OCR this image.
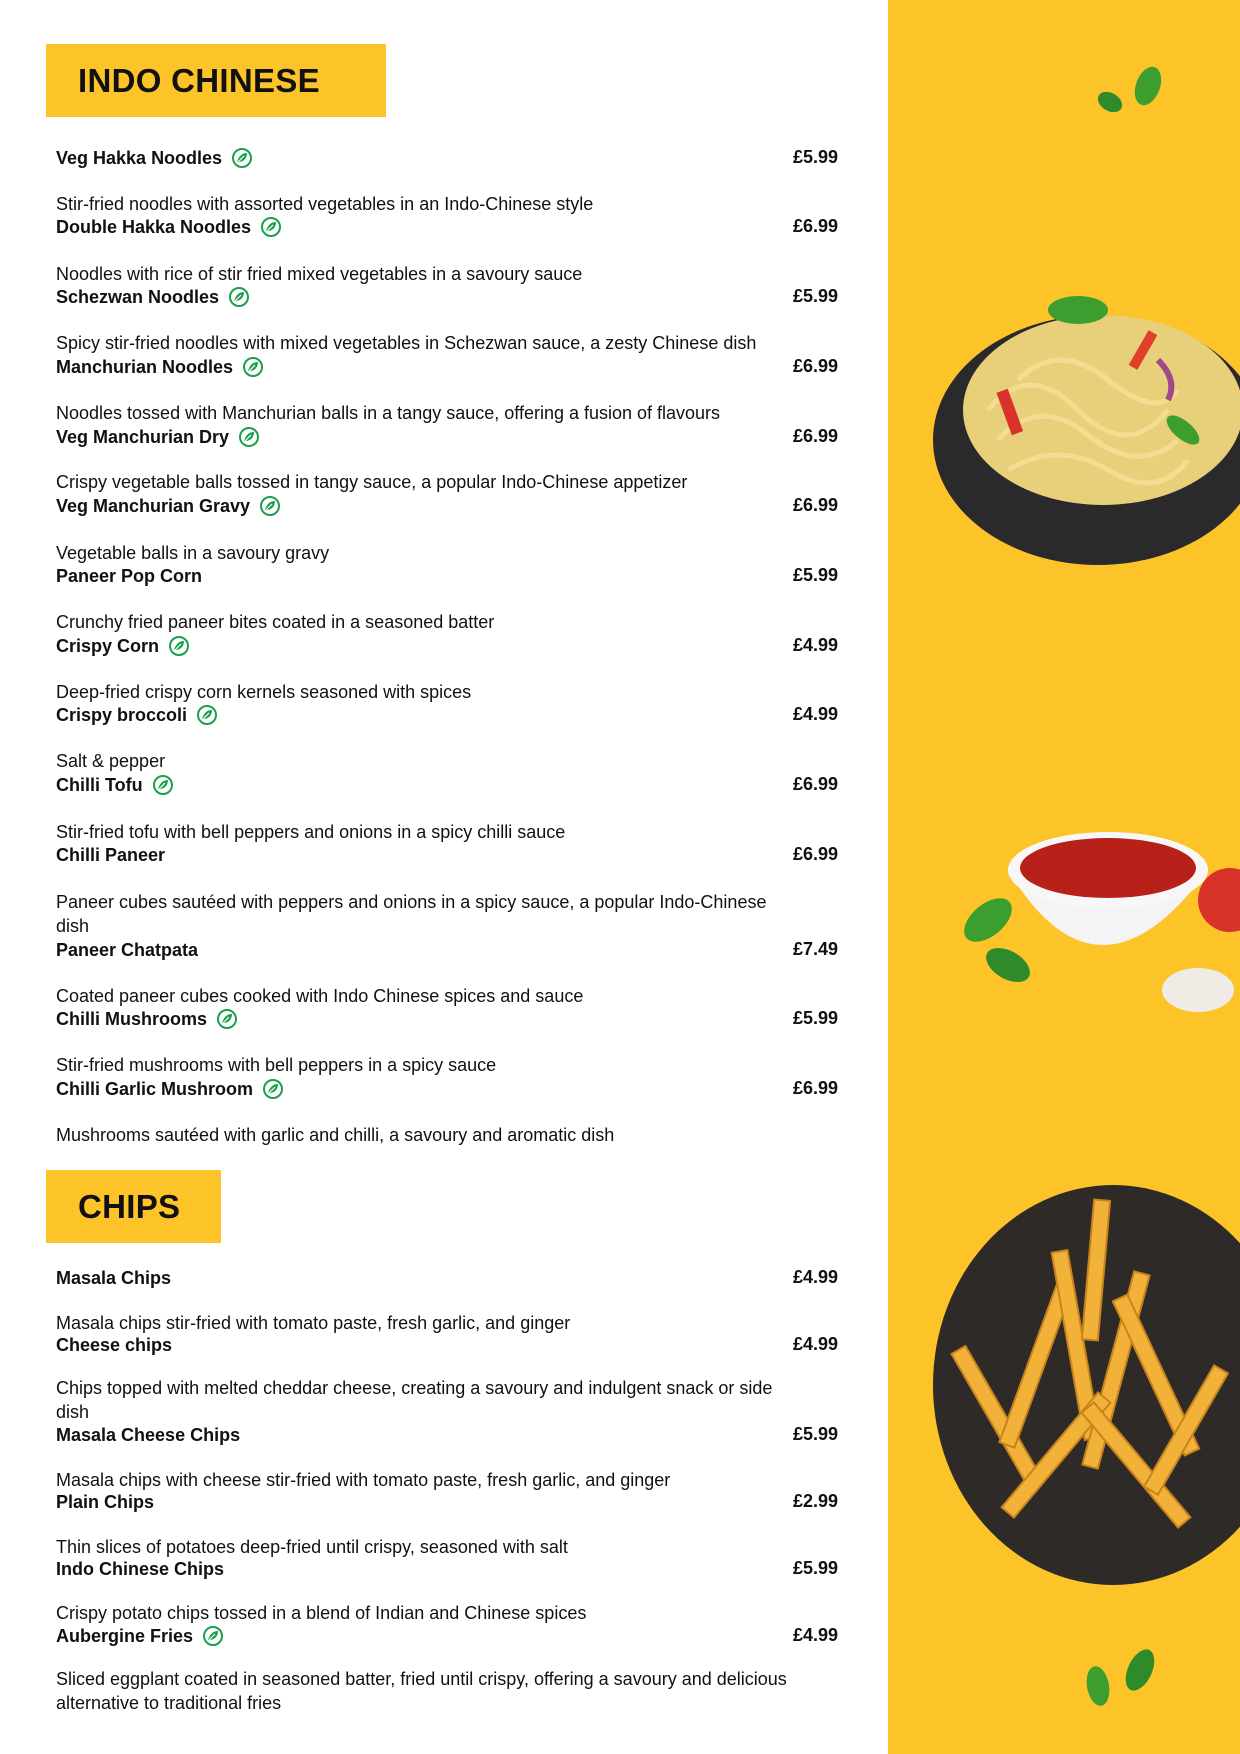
INDO CHINESE
Veg Hakka Noodles	£5.99
Stir-fried noodles with assorted vegetables in an Indo-Chinese style
Double Hakka Noodles	£6.99
Noodles with rice of stir fried mixed vegetables in a savoury sauce
Schezwan Noodles	£5.99
Spicy stir-fried noodles with mixed vegetables in Schezwan sauce, a zesty Chinese dish
Manchurian Noodles	£6.99
Noodles tossed with Manchurian balls in a tangy sauce, offering a fusion of flavours
Veg Manchurian Dry	£6.99
Crispy vegetable balls tossed in tangy sauce, a popular Indo-Chinese appetizer
Veg Manchurian Gravy	£6.99
Vegetable balls in a savoury gravy
Paneer Pop Corn	£5.99
Crunchy fried paneer bites coated in a seasoned batter
Crispy Corn	£4.99
Deep-fried crispy corn kernels seasoned with spices
Crispy broccoli	£4.99
Salt & pepper
Chilli Tofu	£6.99
Stir-fried tofu with bell peppers and onions in a spicy chilli sauce
Chilli Paneer	£6.99
Paneer cubes sautéed with peppers and onions in a spicy sauce, a popular Indo-Chinese dish
Paneer Chatpata	£7.49
Coated paneer cubes cooked with Indo Chinese spices and sauce
Chilli Mushrooms	£5.99
Stir-fried mushrooms with bell peppers in a spicy sauce
Chilli Garlic Mushroom	£6.99
Mushrooms sautéed with garlic and chilli, a savoury and aromatic dish
CHIPS
Masala Chips	£4.99
Masala chips stir-fried with tomato paste, fresh garlic, and ginger
Cheese chips	£4.99
Chips topped with melted cheddar cheese, creating a savoury and indulgent snack or side dish
Masala Cheese Chips	£5.99
Masala chips with cheese stir-fried with tomato paste, fresh garlic, and ginger
Plain Chips	£2.99
Thin slices of potatoes deep-fried until crispy, seasoned with salt
Indo Chinese Chips	£5.99
Crispy potato chips tossed in a blend of Indian and Chinese spices
Aubergine Fries	£4.99
Sliced eggplant coated in seasoned batter, fried until crispy, offering a savoury and delicious alternative to traditional fries
